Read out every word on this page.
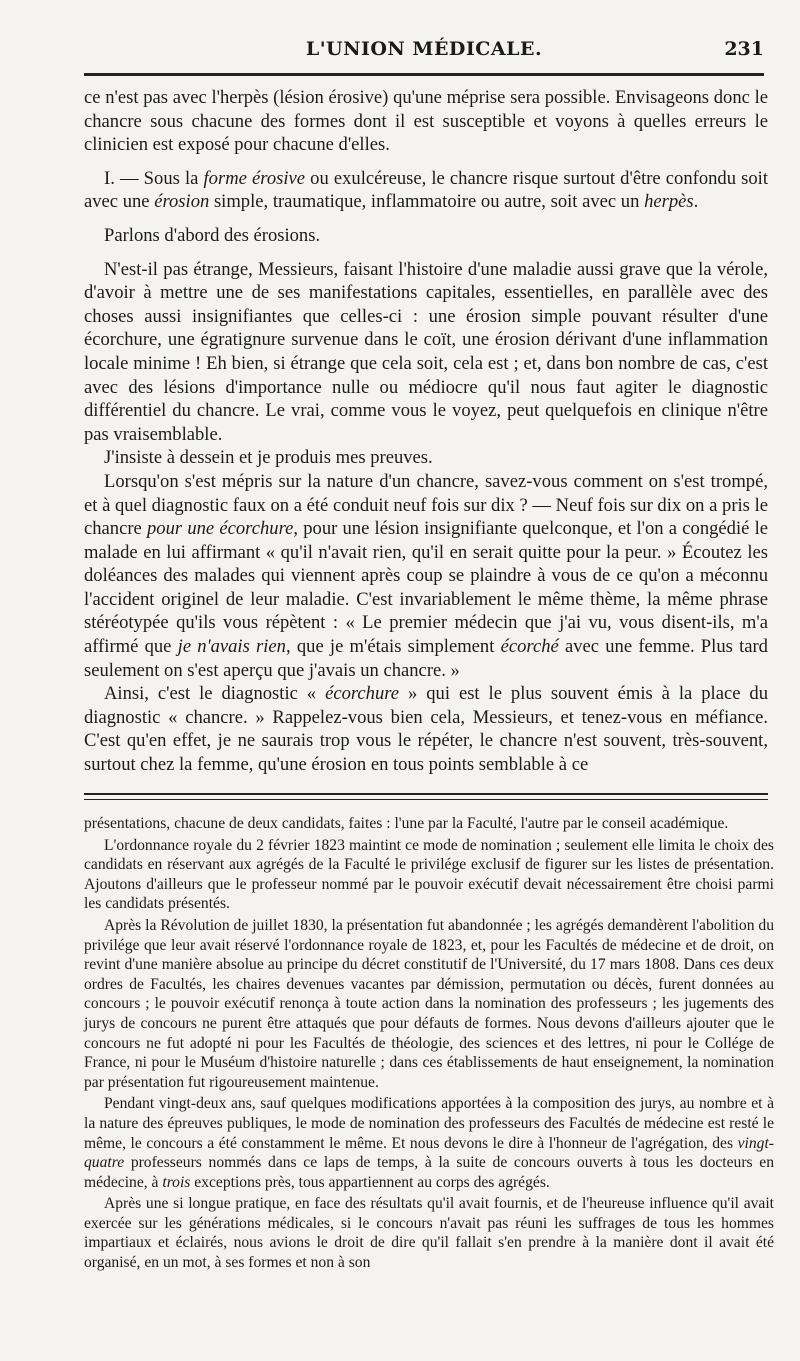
L'UNION MÉDICALE.	231

ce n'est pas avec l'herpès (lésion érosive) qu'une méprise sera possible. Envisageons donc le chancre sous chacune des formes dont il est susceptible et voyons à quelles erreurs le clinicien est exposé pour chacune d'elles.

I. — Sous la forme érosive ou exulcéreuse, le chancre risque surtout d'être confondu soit avec une érosion simple, traumatique, inflammatoire ou autre, soit avec un herpès.

Parlons d'abord des érosions.

N'est-il pas étrange, Messieurs, faisant l'histoire d'une maladie aussi grave que la vérole, d'avoir à mettre une de ses manifestations capitales, essentielles, en parallèle avec des choses aussi insignifiantes que celles-ci : une érosion simple pouvant résulter d'une écorchure, une égratignure survenue dans le coït, une érosion dérivant d'une inflammation locale minime ! Eh bien, si étrange que cela soit, cela est ; et, dans bon nombre de cas, c'est avec des lésions d'importance nulle ou médiocre qu'il nous faut agiter le diagnostic différentiel du chancre. Le vrai, comme vous le voyez, peut quelquefois en clinique n'être pas vraisemblable.

J'insiste à dessein et je produis mes preuves.

Lorsqu'on s'est mépris sur la nature d'un chancre, savez-vous comment on s'est trompé, et à quel diagnostic faux on a été conduit neuf fois sur dix ? — Neuf fois sur dix on a pris le chancre pour une écorchure, pour une lésion insignifiante quelconque, et l'on a congédié le malade en lui affirmant « qu'il n'avait rien, qu'il en serait quitte pour la peur. » Écoutez les doléances des malades qui viennent après coup se plaindre à vous de ce qu'on a méconnu l'accident originel de leur maladie. C'est invariablement le même thème, la même phrase stéréotypée qu'ils vous répètent : « Le premier médecin que j'ai vu, vous disent-ils, m'a affirmé que je n'avais rien, que je m'étais simplement écorché avec une femme. Plus tard seulement on s'est aperçu que j'avais un chancre. »

Ainsi, c'est le diagnostic « écorchure » qui est le plus souvent émis à la place du diagnostic « chancre. » Rappelez-vous bien cela, Messieurs, et tenez-vous en méfiance. C'est qu'en effet, je ne saurais trop vous le répéter, le chancre n'est souvent, très-souvent, surtout chez la femme, qu'une érosion en tous points semblable à ce

présentations, chacune de deux candidats, faites : l'une par la Faculté, l'autre par le conseil académique.

L'ordonnance royale du 2 février 1823 maintint ce mode de nomination ; seulement elle limita le choix des candidats en réservant aux agrégés de la Faculté le privilége exclusif de figurer sur les listes de présentation. Ajoutons d'ailleurs que le professeur nommé par le pouvoir exécutif devait nécessairement être choisi parmi les candidats présentés.

Après la Révolution de juillet 1830, la présentation fut abandonnée ; les agrégés demandèrent l'abolition du privilége que leur avait réservé l'ordonnance royale de 1823, et, pour les Facultés de médecine et de droit, on revint d'une manière absolue au principe du décret constitutif de l'Université, du 17 mars 1808. Dans ces deux ordres de Facultés, les chaires devenues vacantes par démission, permutation ou décès, furent données au concours ; le pouvoir exécutif renonça à toute action dans la nomination des professeurs ; les jugements des jurys de concours ne purent être attaqués que pour défauts de formes. Nous devons d'ailleurs ajouter que le concours ne fut adopté ni pour les Facultés de théologie, des sciences et des lettres, ni pour le Collége de France, ni pour le Muséum d'histoire naturelle ; dans ces établissements de haut enseignement, la nomination par présentation fut rigoureusement maintenue.

Pendant vingt-deux ans, sauf quelques modifications apportées à la composition des jurys, au nombre et à la nature des épreuves publiques, le mode de nomination des professeurs des Facultés de médecine est resté le même, le concours a été constamment le même. Et nous devons le dire à l'honneur de l'agrégation, des vingt-quatre professeurs nommés dans ce laps de temps, à la suite de concours ouverts à tous les docteurs en médecine, à trois exceptions près, tous appartiennent au corps des agrégés.

Après une si longue pratique, en face des résultats qu'il avait fournis, et de l'heureuse influence qu'il avait exercée sur les générations médicales, si le concours n'avait pas réuni les suffrages de tous les hommes impartiaux et éclairés, nous avions le droit de dire qu'il fallait s'en prendre à la manière dont il avait été organisé, en un mot, à ses formes et non à son
